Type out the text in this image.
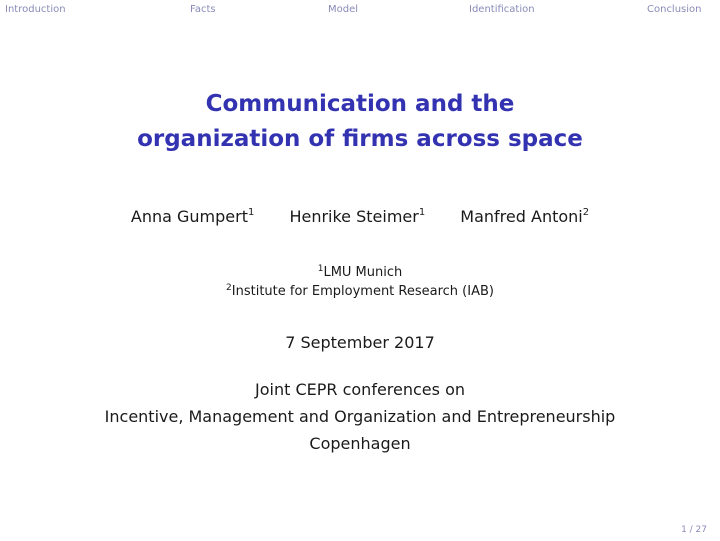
Introduction	Facts	Model	Identification	Conclusion
Communication and the
organization of firms across space
Anna Gumpert$^1$ Henrike Steimer$^1$ Manfred Antoni$^2$
$^1$LMU Munich
$^2$Institute for Employment Research (IAB)
7 September 2017
Joint CEPR conferences on
Incentive, Management and Organization and Entrepreneurship
Copenhagen
1 / 27
